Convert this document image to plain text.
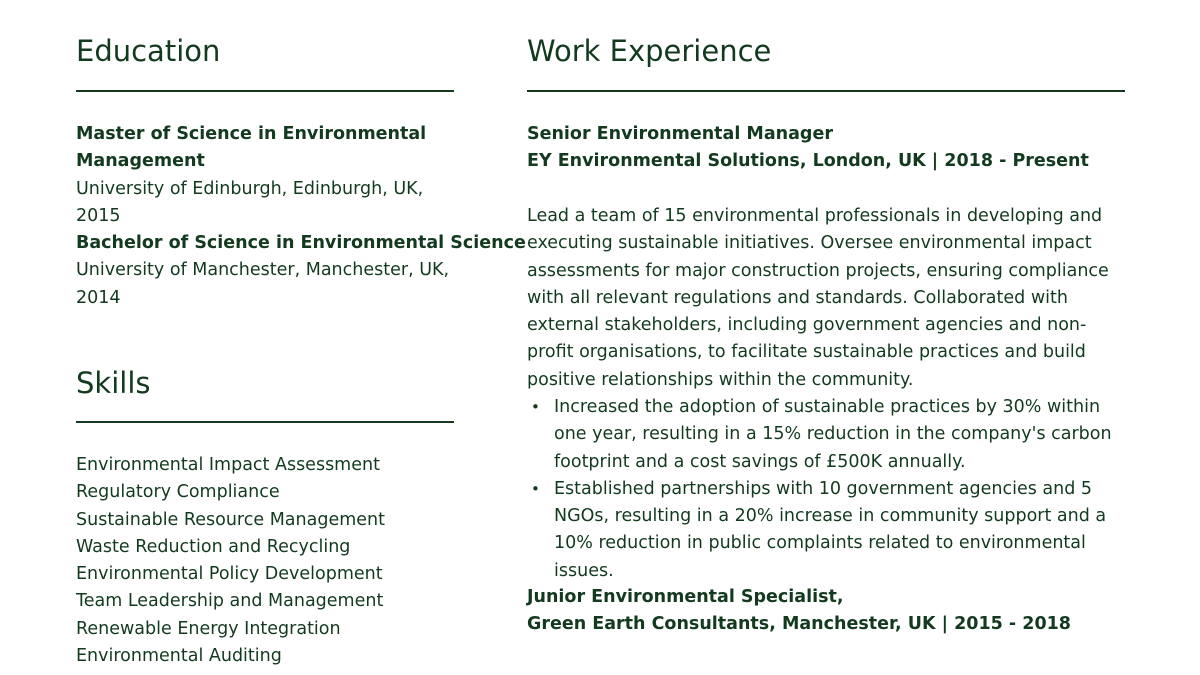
Education
Master of Science in Environmental Management
University of Edinburgh, Edinburgh, UK, 2015
Bachelor of Science in Environmental Science
University of Manchester, Manchester, UK, 2014
Skills
Environmental Impact Assessment
Regulatory Compliance
Sustainable Resource Management
Waste Reduction and Recycling
Environmental Policy Development
Team Leadership and Management
Renewable Energy Integration
Environmental Auditing
Work Experience
Senior Environmental Manager
EY Environmental Solutions, London, UK | 2018 - Present

Lead a team of 15 environmental professionals in developing and executing sustainable initiatives. Oversee environmental impact assessments for major construction projects, ensuring compliance with all relevant regulations and standards. Collaborated with external stakeholders, including government agencies and non-profit organisations, to facilitate sustainable practices and build positive relationships within the community.

• Increased the adoption of sustainable practices by 30% within one year, resulting in a 15% reduction in the company's carbon footprint and a cost savings of £500K annually.
• Established partnerships with 10 government agencies and 5 NGOs, resulting in a 20% increase in community support and a 10% reduction in public complaints related to environmental issues.
Junior Environmental Specialist,
Green Earth Consultants, Manchester, UK | 2015 - 2018
